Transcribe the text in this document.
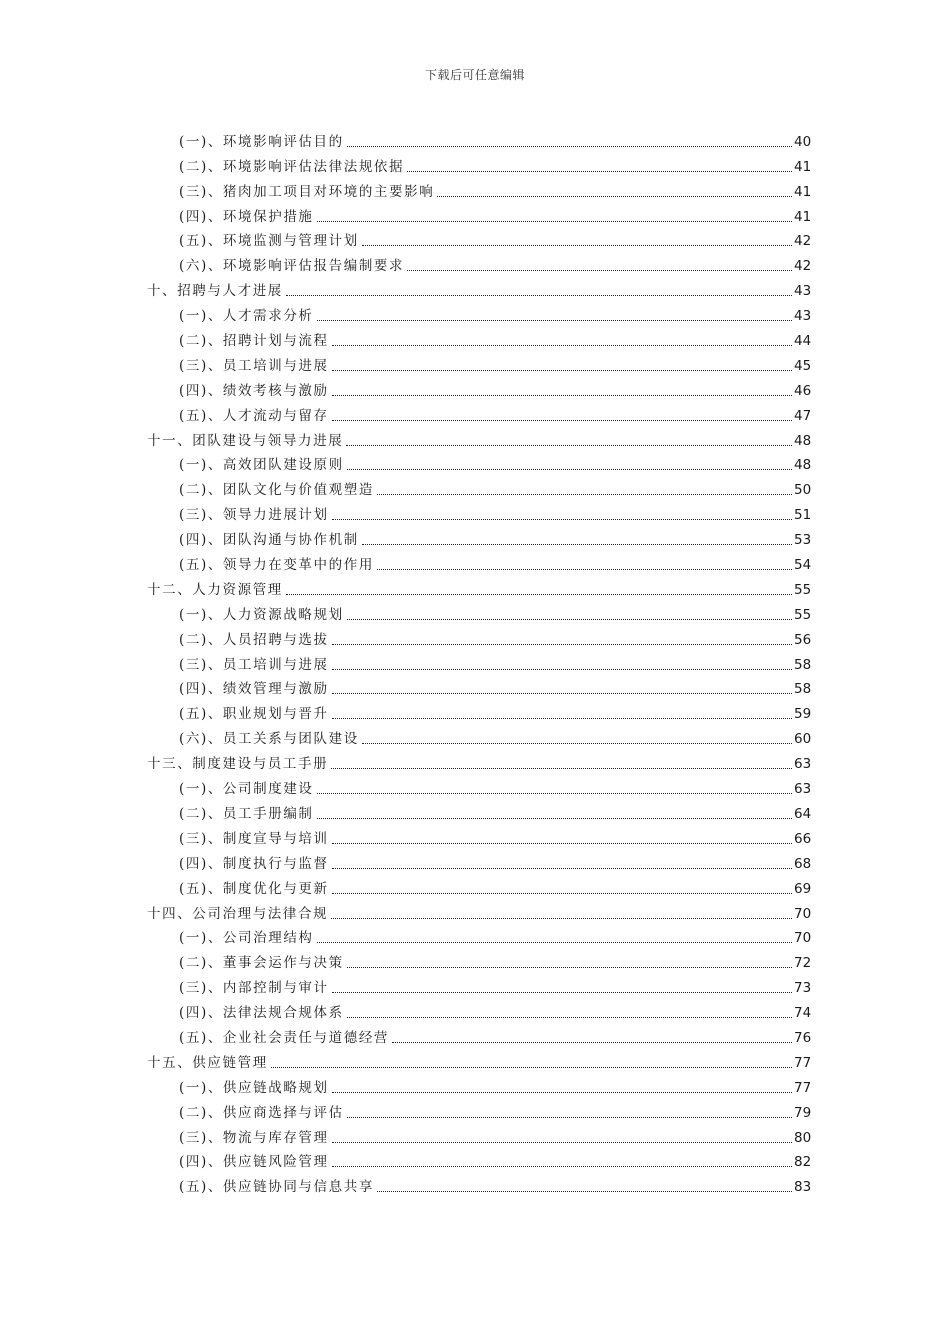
下载后可任意编辑
(一)、环境影响评估目的	40
(二)、环境影响评估法律法规依据	41
(三)、猪肉加工项目对环境的主要影响	41
(四)、环境保护措施	41
(五)、环境监测与管理计划	42
(六)、环境影响评估报告编制要求	42
十、招聘与人才进展	43
(一)、人才需求分析	43
(二)、招聘计划与流程	44
(三)、员工培训与进展	45
(四)、绩效考核与激励	46
(五)、人才流动与留存	47
十一、团队建设与领导力进展	48
(一)、高效团队建设原则	48
(二)、团队文化与价值观塑造	50
(三)、领导力进展计划	51
(四)、团队沟通与协作机制	53
(五)、领导力在变革中的作用	54
十二、人力资源管理	55
(一)、人力资源战略规划	55
(二)、人员招聘与选拔	56
(三)、员工培训与进展	58
(四)、绩效管理与激励	58
(五)、职业规划与晋升	59
(六)、员工关系与团队建设	60
十三、制度建设与员工手册	63
(一)、公司制度建设	63
(二)、员工手册编制	64
(三)、制度宣导与培训	66
(四)、制度执行与监督	68
(五)、制度优化与更新	69
十四、公司治理与法律合规	70
(一)、公司治理结构	70
(二)、董事会运作与决策	72
(三)、内部控制与审计	73
(四)、法律法规合规体系	74
(五)、企业社会责任与道德经营	76
十五、供应链管理	77
(一)、供应链战略规划	77
(二)、供应商选择与评估	79
(三)、物流与库存管理	80
(四)、供应链风险管理	82
(五)、供应链协同与信息共享	83
